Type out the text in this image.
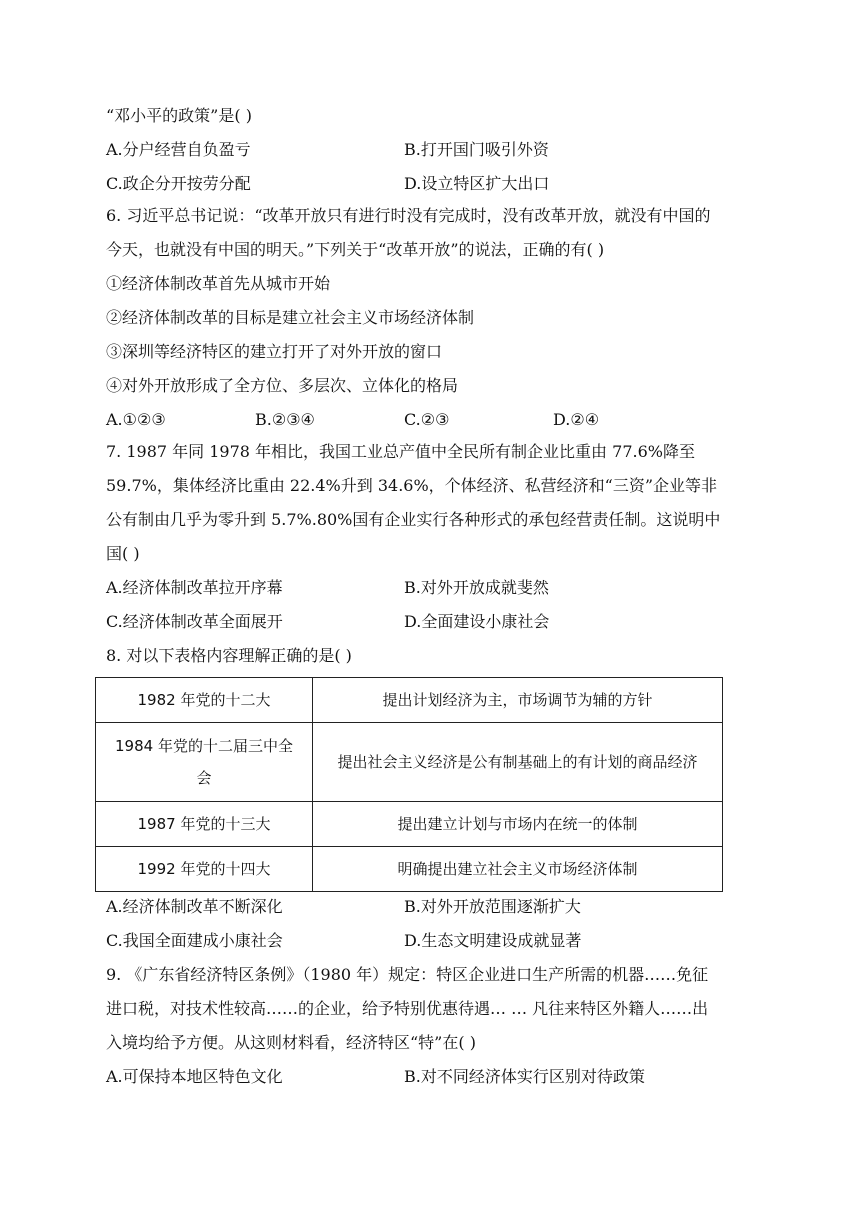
“邓小平的政策”是( )
A.分户经营自负盈亏	B.打开国门吸引外资
C.政企分开按劳分配	D.设立特区扩大出口
6. 习近平总书记说：“改革开放只有进行时没有完成时，没有改革开放，就没有中国的
今天，也就没有中国的明天。”下列关于“改革开放”的说法，正确的有( )
①经济体制改革首先从城市开始
②经济体制改革的目标是建立社会主义市场经济体制
③深圳等经济特区的建立打开了对外开放的窗口
④对外开放形成了全方位、多层次、立体化的格局
A.①②③	B.②③④	C.②③	D.②④
7. 1987 年同 1978 年相比，我国工业总产值中全民所有制企业比重由 77.6%降至
59.7%，集体经济比重由 22.4%升到 34.6%，个体经济、私营经济和“三资”企业等非
公有制由几乎为零升到 5.7%.80%国有企业实行各种形式的承包经营责任制。这说明中
国( )
A.经济体制改革拉开序幕	B.对外开放成就斐然
C.经济体制改革全面展开	D.全面建设小康社会
8. 对以下表格内容理解正确的是( )
1982 年党的十二大	提出计划经济为主，市场调节为辅的方针
1984 年党的十二届三中全会	提出社会主义经济是公有制基础上的有计划的商品经济
1987 年党的十三大	提出建立计划与市场内在统一的体制
1992 年党的十四大	明确提出建立社会主义市场经济体制
A.经济体制改革不断深化	B.对外开放范围逐渐扩大
C.我国全面建成小康社会	D.生态文明建设成就显著
9. 《广东省经济特区条例》（1980 年）规定：特区企业进口生产所需的机器……免征
进口税，对技术性较高……的企业，给予特别优惠待遇… … 凡往来特区外籍人……出
入境均给予方便。从这则材料看，经济特区“特”在( )
A.可保持本地区特色文化	B.对不同经济体实行区别对待政策
